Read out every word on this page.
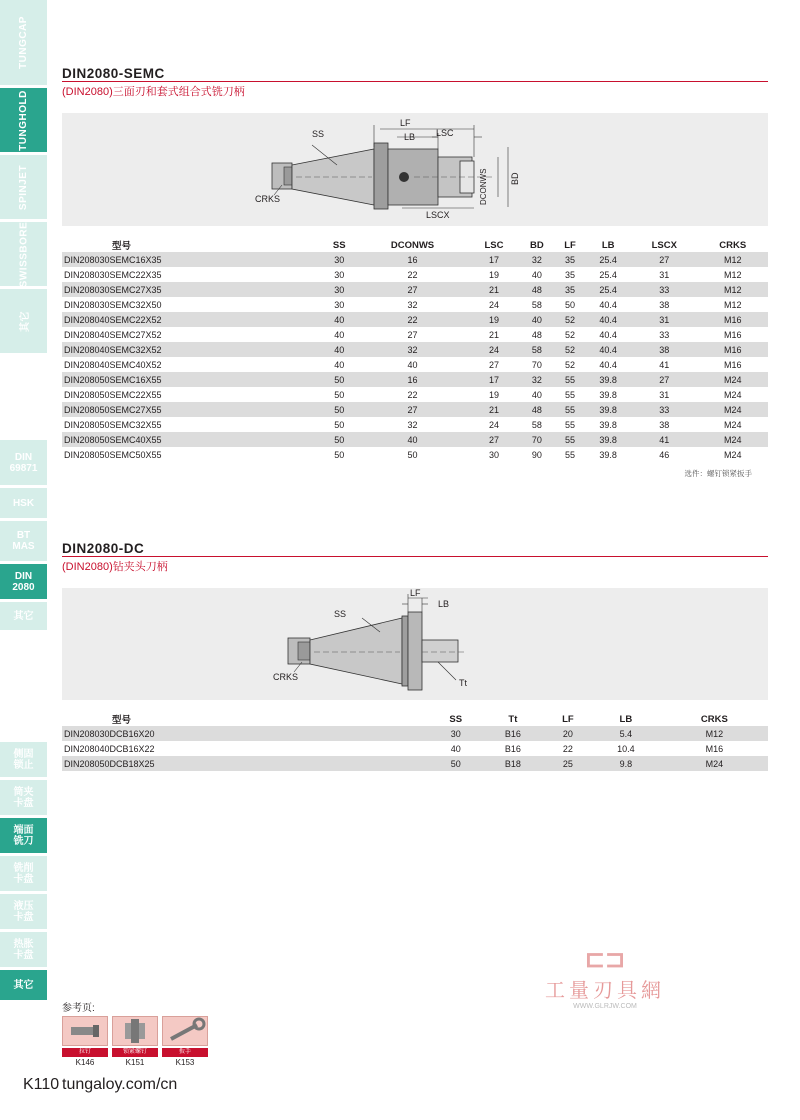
TUNGCAP
TUNGHOLD
SPINJET
SWISSBORE
其它
DIN
69871
HSK
BT
MAS
DIN
2080
其它
侧固
锁止
筒夹
卡盘
端面
铣刀
铣削
卡盘
液压
卡盘
热胀
卡盘
其它
DIN2080-SEMC
(DIN2080)三面刃和套式组合式铣刀柄
LF
LB LSC
SS
CRKS
LSCX
DCONWS BD
型号	SS	DCONWS	LSC	BD	LF	LB	LSCX	CRKS
DIN208030SEMC16X35	30	16	17	32	35	25.4	27	M12
DIN208030SEMC22X35	30	22	19	40	35	25.4	31	M12
DIN208030SEMC27X35	30	27	21	48	35	25.4	33	M12
DIN208030SEMC32X50	30	32	24	58	50	40.4	38	M12
DIN208040SEMC22X52	40	22	19	40	52	40.4	31	M16
DIN208040SEMC27X52	40	27	21	48	52	40.4	33	M16
DIN208040SEMC32X52	40	32	24	58	52	40.4	38	M16
DIN208040SEMC40X52	40	40	27	70	52	40.4	41	M16
DIN208050SEMC16X55	50	16	17	32	55	39.8	27	M24
DIN208050SEMC22X55	50	22	19	40	55	39.8	31	M24
DIN208050SEMC27X55	50	27	21	48	55	39.8	33	M24
DIN208050SEMC32X55	50	32	24	58	55	39.8	38	M24
DIN208050SEMC40X55	50	40	27	70	55	39.8	41	M24
DIN208050SEMC50X55	50	50	30	90	55	39.8	46	M24
选件：螺钉锁紧扳手
DIN2080-DC
(DIN2080)钻夹头刀柄
LF
LB
SS
CRKS
Tt
型号	SS	Tt	LF	LB	CRKS
DIN208030DCB16X20	30	B16	20	5.4	M12
DIN208040DCB16X22	40	B16	22	10.4	M16
DIN208050DCB18X25	50	B18	25	9.8	M24
⊏⊐
工量刃具網
WWW.GLRJW.COM
参考页:
拉钉
K146
锁紧螺钉
K151
扳手
K153
K110 tungaloy.com/cn
